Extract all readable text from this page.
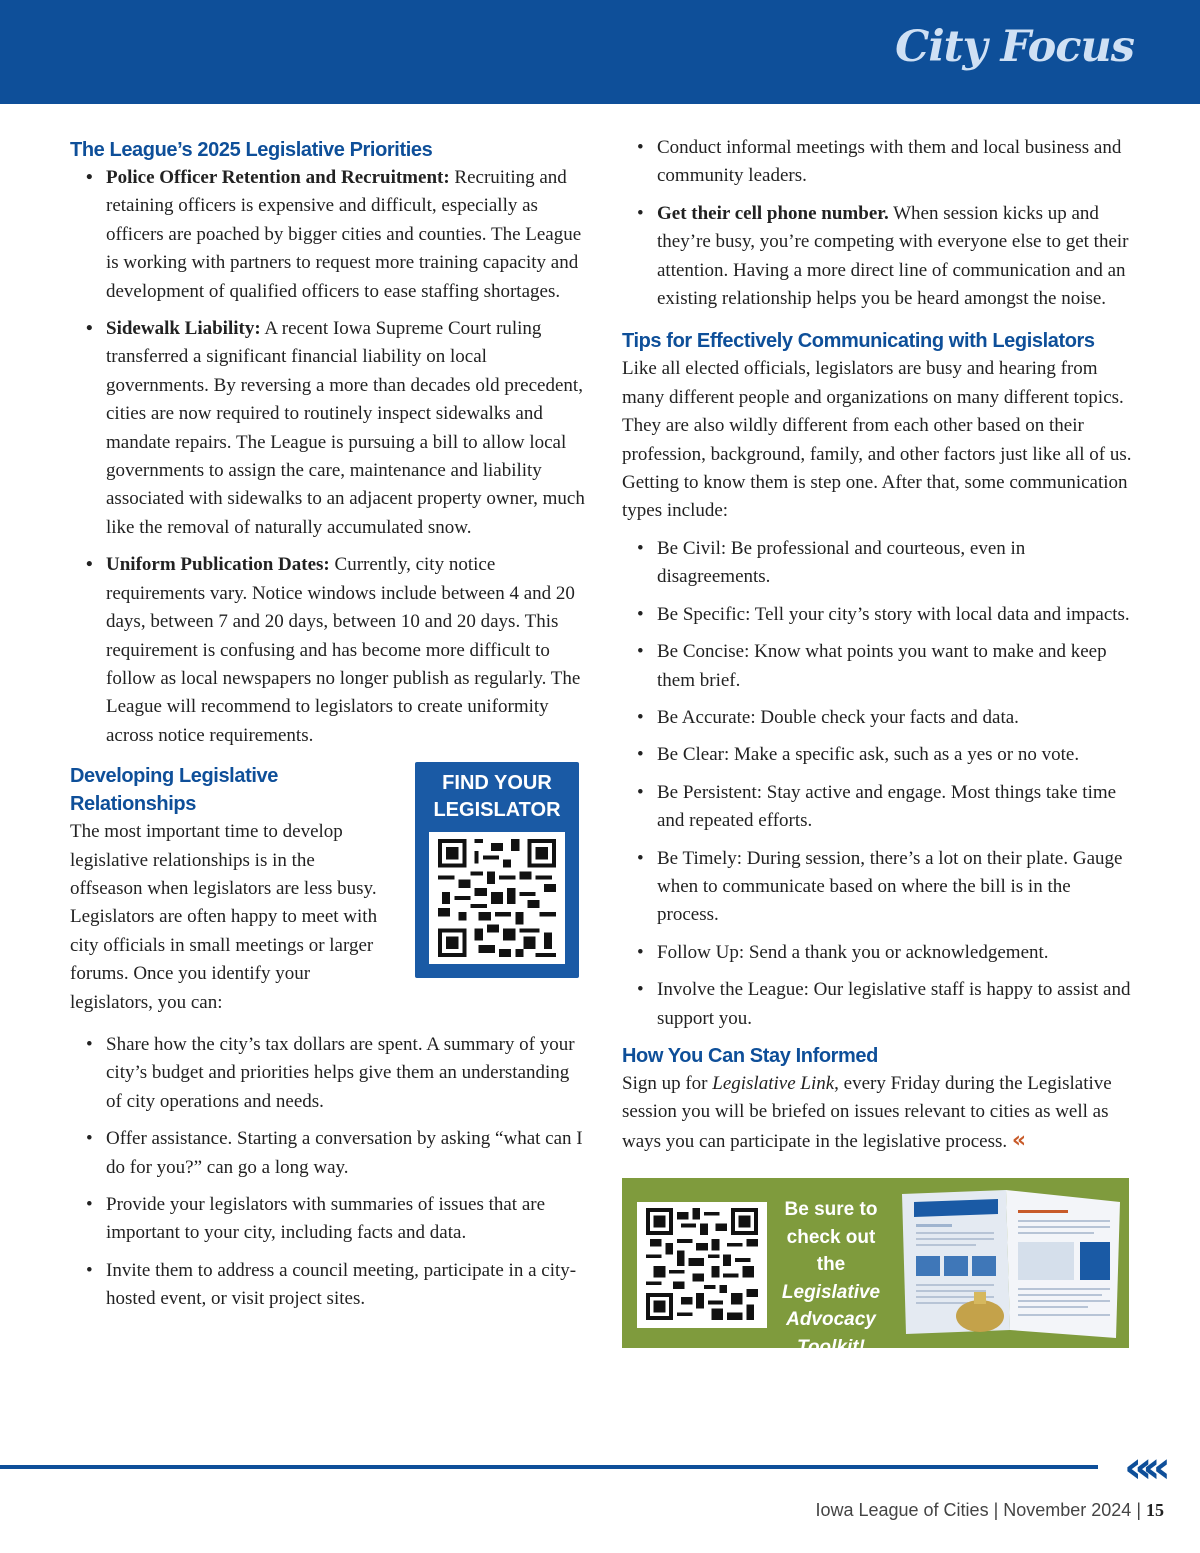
City Focus
The League’s 2025 Legislative Priorities
• Police Officer Retention and Recruitment: Recruiting and retaining officers is expensive and difficult, especially as officers are poached by bigger cities and counties. The League is working with partners to request more training capacity and development of qualified officers to ease staffing shortages.
• Sidewalk Liability: A recent Iowa Supreme Court ruling transferred a significant financial liability on local governments. By reversing a more than decades old precedent, cities are now required to routinely inspect sidewalks and mandate repairs. The League is pursuing a bill to allow local governments to assign the care, maintenance and liability associated with sidewalks to an adjacent property owner, much like the removal of naturally accumulated snow.
• Uniform Publication Dates: Currently, city notice requirements vary. Notice windows include between 4 and 20 days, between 7 and 20 days, between 10 and 20 days. This requirement is confusing and has become more difficult to follow as local newspapers no longer publish as regularly. The League will recommend to legislators to create uniformity across notice requirements.
Developing Legislative
Relationships

The most important time to develop legislative relationships is in the offseason when legislators are less busy. Legislators are often happy to meet with city officials in small meetings or larger forums. Once you identify your legislators, you can:

FIND YOUR
LEGISLATOR
• Share how the city’s tax dollars are spent. A summary of your city’s budget and priorities helps give them an understanding of city operations and needs.
• Offer assistance. Starting a conversation by asking “what can I do for you?” can go a long way.
• Provide your legislators with summaries of issues that are important to your city, including facts and data.
• Invite them to address a council meeting, participate in a city-hosted event, or visit project sites.
• Conduct informal meetings with them and local business and community leaders.
• Get their cell phone number. When session kicks up and they’re busy, you’re competing with everyone else to get their attention. Having a more direct line of communication and an existing relationship helps you be heard amongst the noise.
Tips for Effectively Communicating with Legislators

Like all elected officials, legislators are busy and hearing from many different people and organizations on many different topics. They are also wildly different from each other based on their profession, background, family, and other factors just like all of us. Getting to know them is step one. After that, some communication types include:

• Be Civil: Be professional and courteous, even in disagreements.
• Be Specific: Tell your city’s story with local data and impacts.
• Be Concise: Know what points you want to make and keep them brief.
• Be Accurate: Double check your facts and data.
• Be Clear: Make a specific ask, such as a yes or no vote.
• Be Persistent: Stay active and engage. Most things take time and repeated efforts.
• Be Timely: During session, there’s a lot on their plate. Gauge when to communicate based on where the bill is in the process.
• Follow Up: Send a thank you or acknowledgement.
• Involve the League: Our legislative staff is happy to assist and support you.
How You Can Stay Informed

Sign up for Legislative Link, every Friday during the Legislative session you will be briefed on issues relevant to cities as well as ways you can participate in the legislative process. «

Be sure to
check out the
Legislative
Advocacy
Toolkit!
««
Iowa League of Cities | November 2024 | 15
